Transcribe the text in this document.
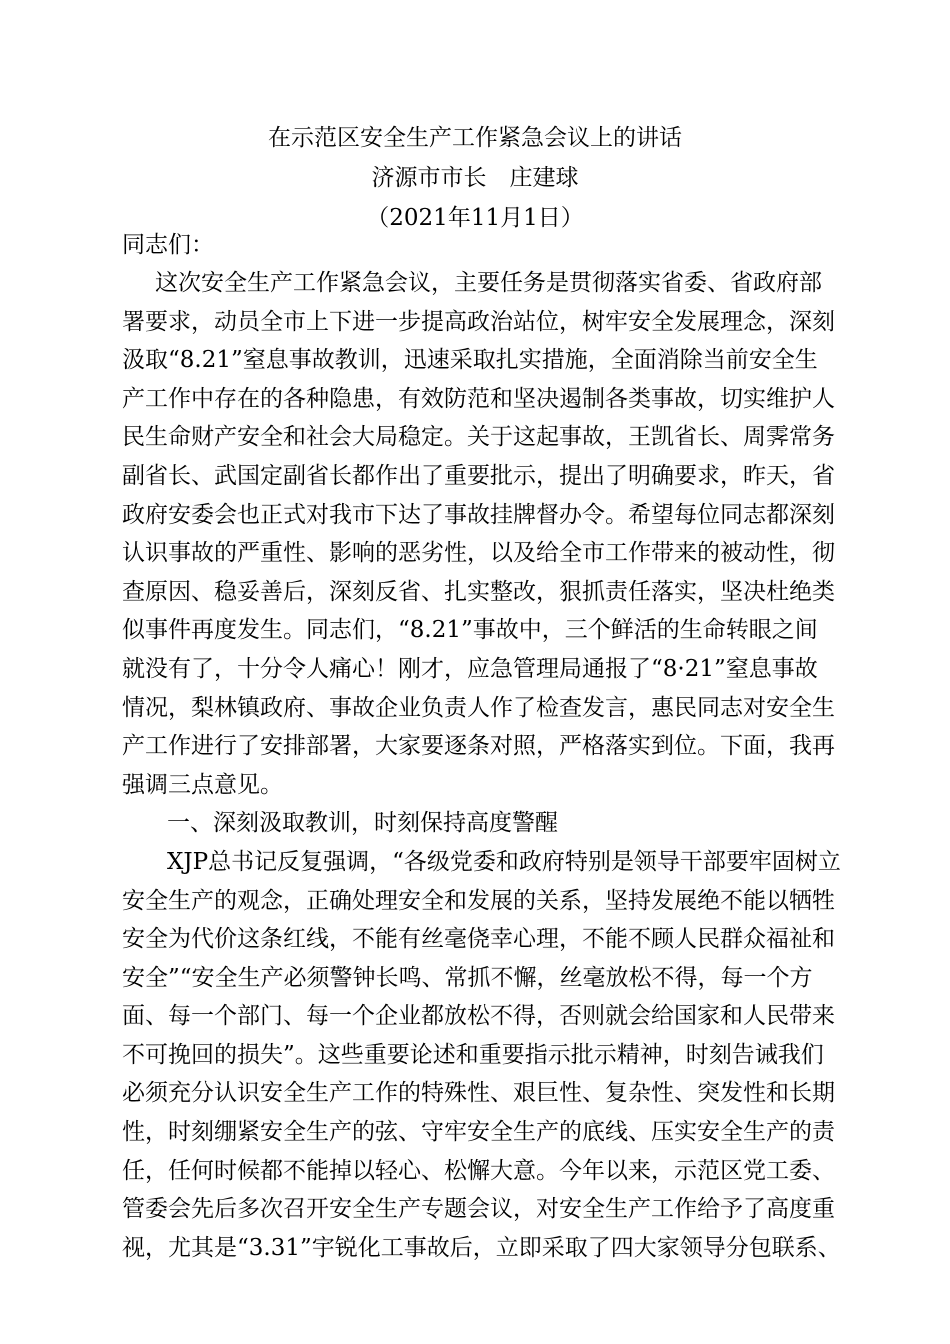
在示范区安全生产工作紧急会议上的讲话
济源市市长　庄建球
（2021年11月1日）
同志们：
这次安全生产工作紧急会议，主要任务是贯彻落实省委、省政府部
署要求，动员全市上下进一步提高政治站位，树牢安全发展理念，深刻
汲取“8.21”窒息事故教训，迅速采取扎实措施，全面消除当前安全生
产工作中存在的各种隐患，有效防范和坚决遏制各类事故，切实维护人
民生命财产安全和社会大局稳定。关于这起事故，王凯省长、周霁常务
副省长、武国定副省长都作出了重要批示，提出了明确要求，昨天，省
政府安委会也正式对我市下达了事故挂牌督办令。希望每位同志都深刻
认识事故的严重性、影响的恶劣性，以及给全市工作带来的被动性，彻
查原因、稳妥善后，深刻反省、扎实整改，狠抓责任落实，坚决杜绝类
似事件再度发生。同志们，“8.21”事故中，三个鲜活的生命转眼之间
就没有了，十分令人痛心！刚才，应急管理局通报了“8·21”窒息事故
情况，梨林镇政府、事故企业负责人作了检查发言，惠民同志对安全生
产工作进行了安排部署，大家要逐条对照，严格落实到位。下面，我再
强调三点意见。
一、深刻汲取教训，时刻保持高度警醒
XJP总书记反复强调，“各级党委和政府特别是领导干部要牢固树立
安全生产的观念，正确处理安全和发展的关系，坚持发展绝不能以牺牲
安全为代价这条红线，不能有丝毫侥幸心理，不能不顾人民群众福祉和
安全”“安全生产必须警钟长鸣、常抓不懈，丝毫放松不得，每一个方
面、每一个部门、每一个企业都放松不得，否则就会给国家和人民带来
不可挽回的损失”。这些重要论述和重要指示批示精神，时刻告诫我们
必须充分认识安全生产工作的特殊性、艰巨性、复杂性、突发性和长期
性，时刻绷紧安全生产的弦、守牢安全生产的底线、压实安全生产的责
任，任何时候都不能掉以轻心、松懈大意。今年以来，示范区党工委、
管委会先后多次召开安全生产专题会议，对安全生产工作给予了高度重
视，尤其是“3.31”宇锐化工事故后，立即采取了四大家领导分包联系、
